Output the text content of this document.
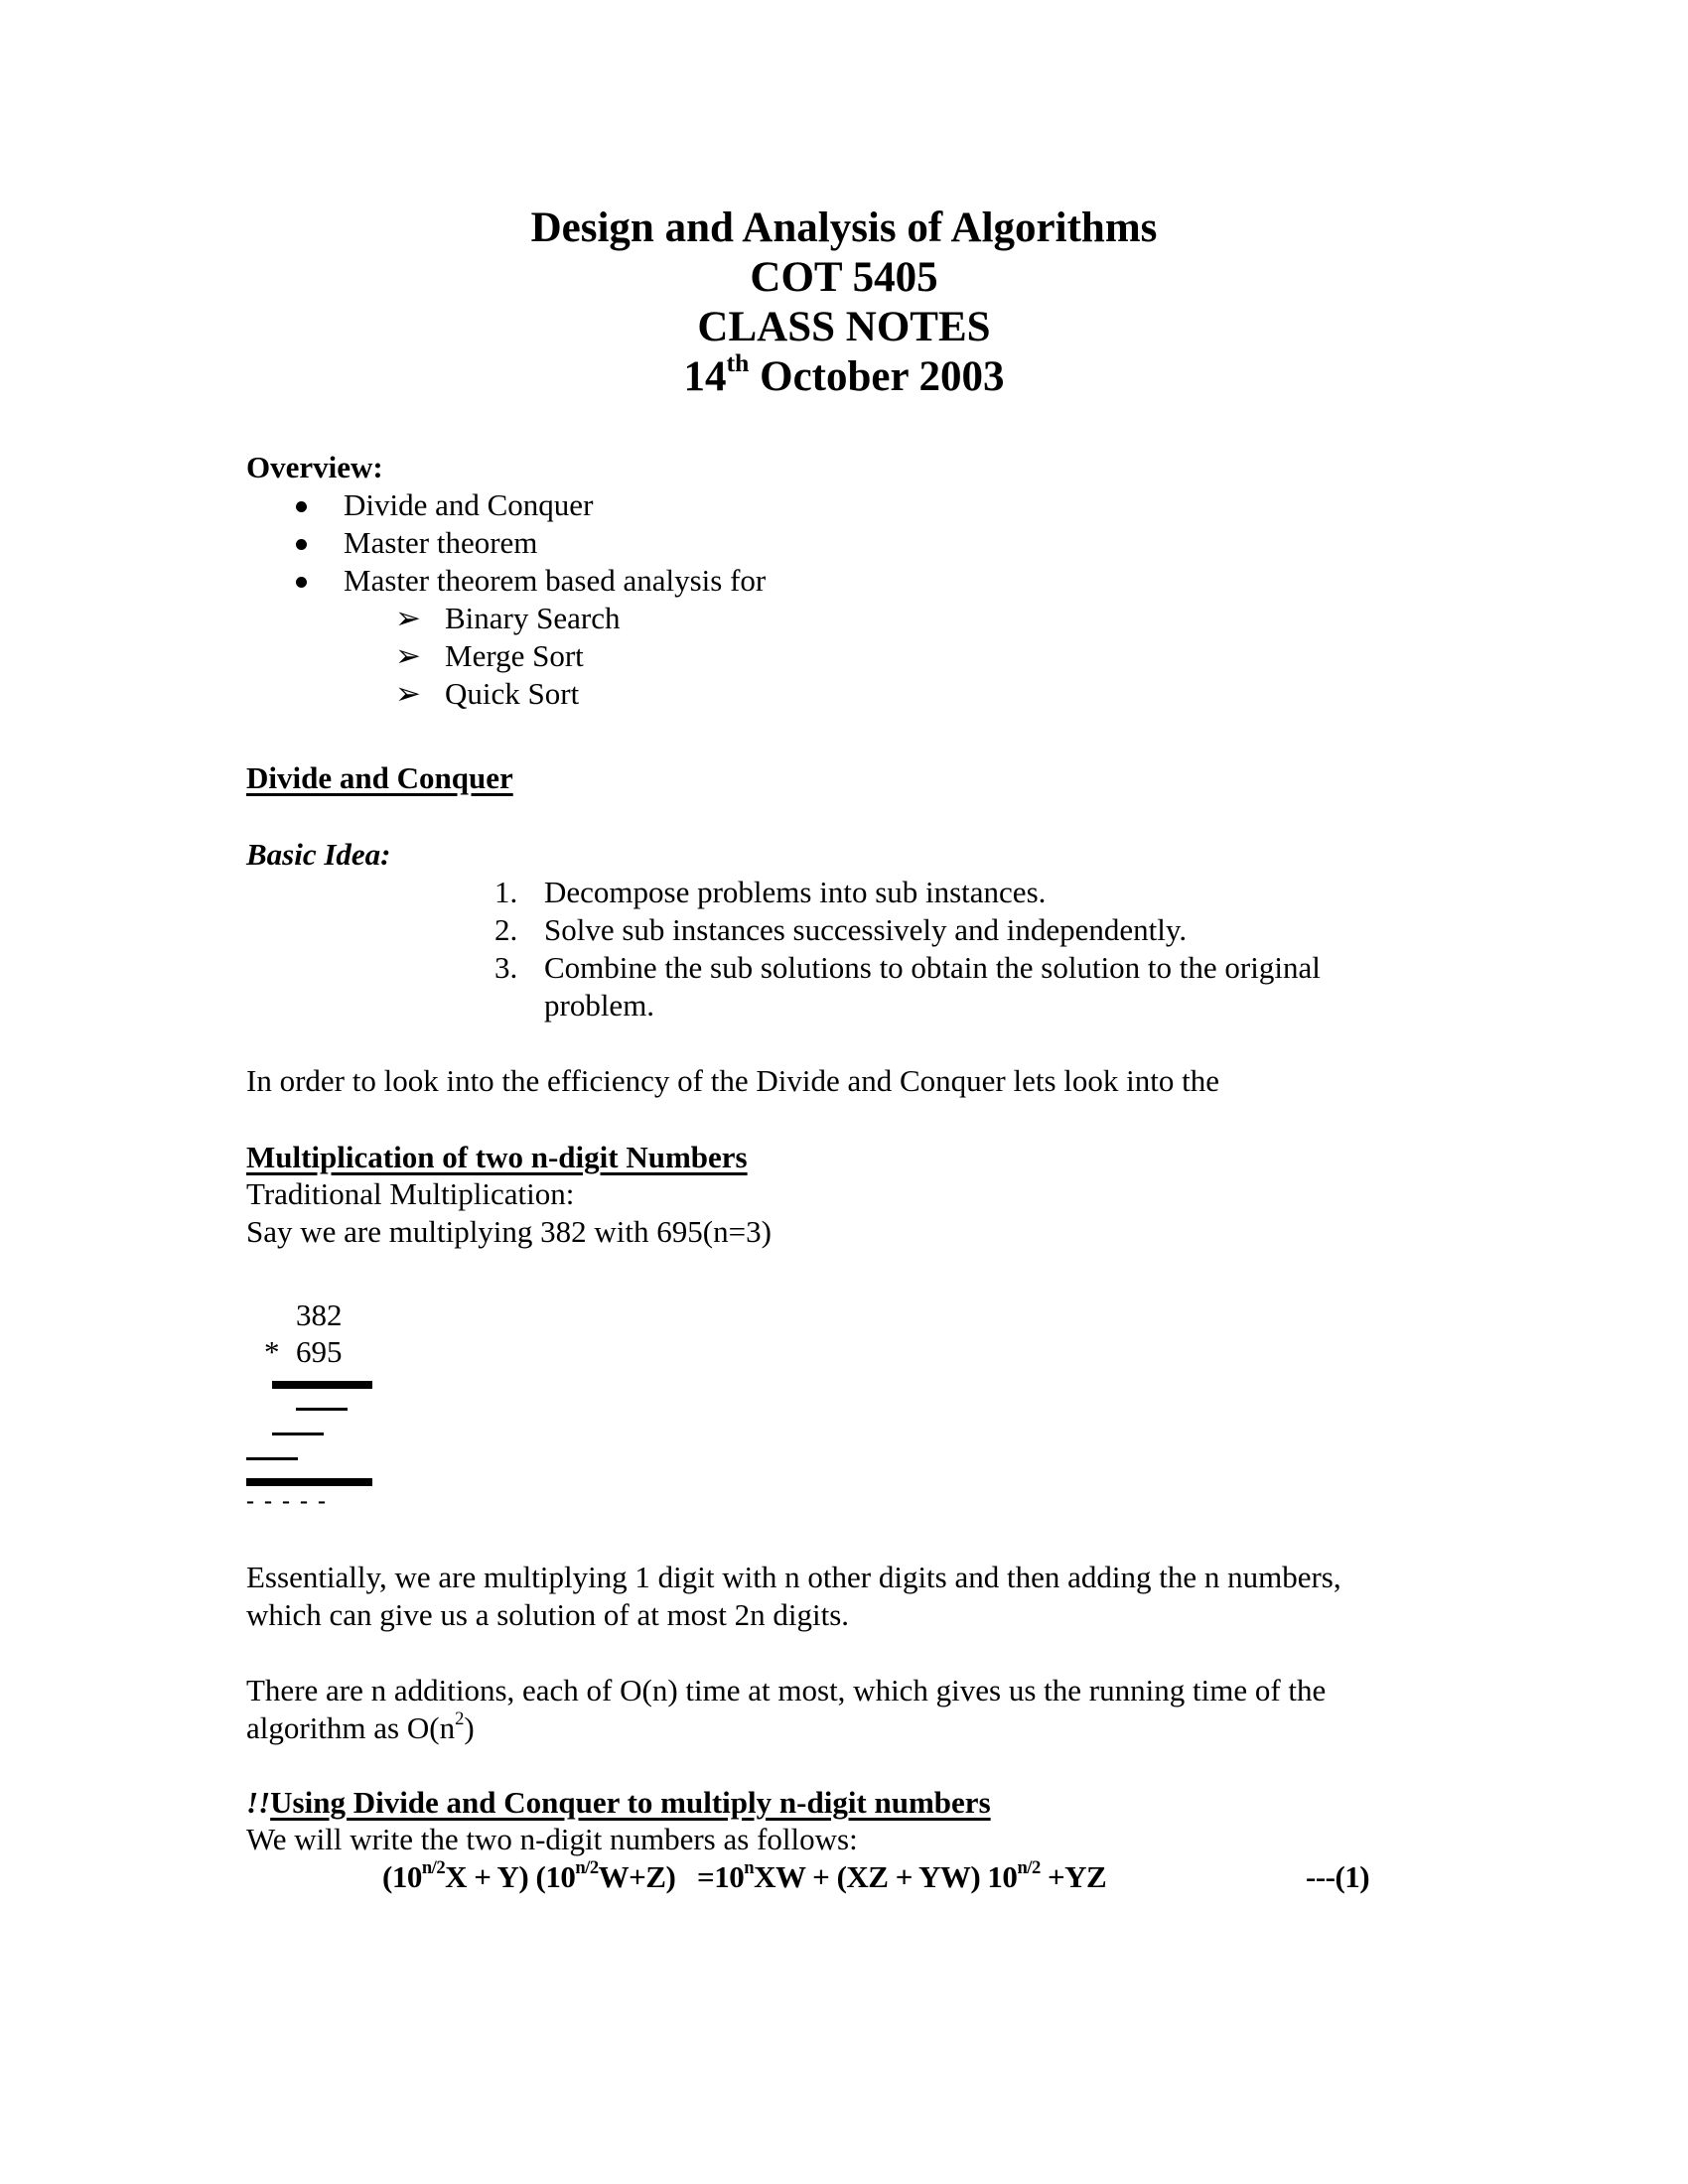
Design and Analysis of Algorithms
COT 5405
CLASS NOTES
14th October 2003
Overview:
Divide and Conquer
Master theorem
Master theorem based analysis for
➢ Binary Search
➢ Merge Sort
➢ Quick Sort
Divide and Conquer
Basic Idea:
1. Decompose problems into sub instances.
2. Solve sub instances successively and independently.
3. Combine the sub solutions to obtain the solution to the original
problem.
In order to look into the efficiency of the Divide and Conquer lets look into the
Multiplication of two n-digit Numbers
Traditional Multiplication:
Say we are multiplying 382 with 695(n=3)
382
* 695
- - - - -
Essentially, we are multiplying 1 digit with n other digits and then adding the n numbers,
which can give us a solution of at most 2n digits.
There are n additions, each of O(n) time at most, which gives us the running time of the
algorithm as $O(n^2)$
!!Using Divide and Conquer to multiply n-digit numbers
We will write the two n-digit numbers as follows:
$(10^{n/2}X + Y)$ $(10^{n/2}W+Z) =10^nXW + (XZ + YW)$ $10^{n/2} +YZ$	---(1)
